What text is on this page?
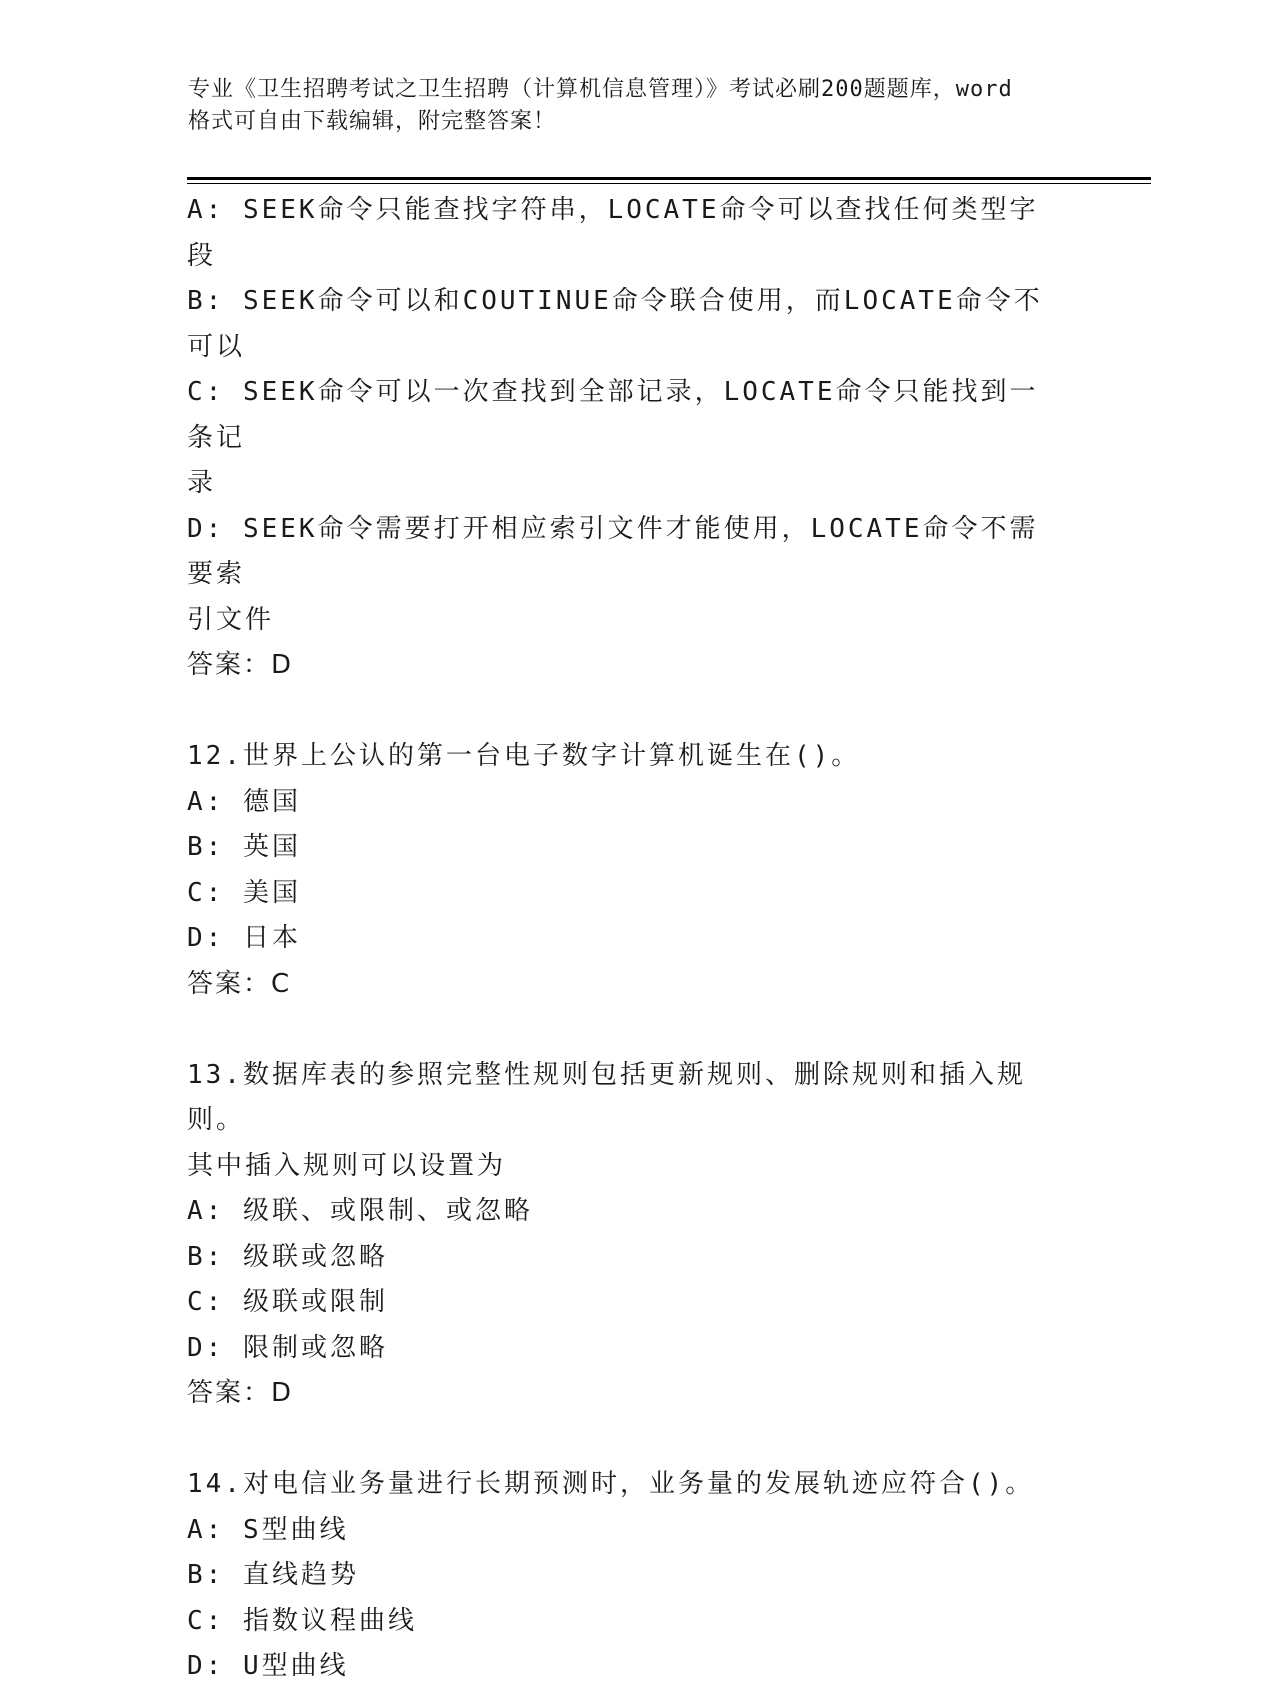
专业《卫生招聘考试之卫生招聘（计算机信息管理）》考试必刷200题题库，word
格式可自由下载编辑，附完整答案！
A: SEEK命令只能查找字符串，LOCATE命令可以查找任何类型字段
B: SEEK命令可以和COUTINUE命令联合使用，而LOCATE命令不可以
C: SEEK命令可以一次查找到全部记录，LOCATE命令只能找到一条记
录
D: SEEK命令需要打开相应索引文件才能使用，LOCATE命令不需要索
引文件
答案：D
12.世界上公认的第一台电子数字计算机诞生在()。
A: 德国
B: 英国
C: 美国
D: 日本
答案：C
13.数据库表的参照完整性规则包括更新规则、删除规则和插入规则。
其中插入规则可以设置为
A: 级联、或限制、或忽略
B: 级联或忽略
C: 级联或限制
D: 限制或忽略
答案：D
14.对电信业务量进行长期预测时，业务量的发展轨迹应符合()。
A: S型曲线
B: 直线趋势
C: 指数议程曲线
D: U型曲线
